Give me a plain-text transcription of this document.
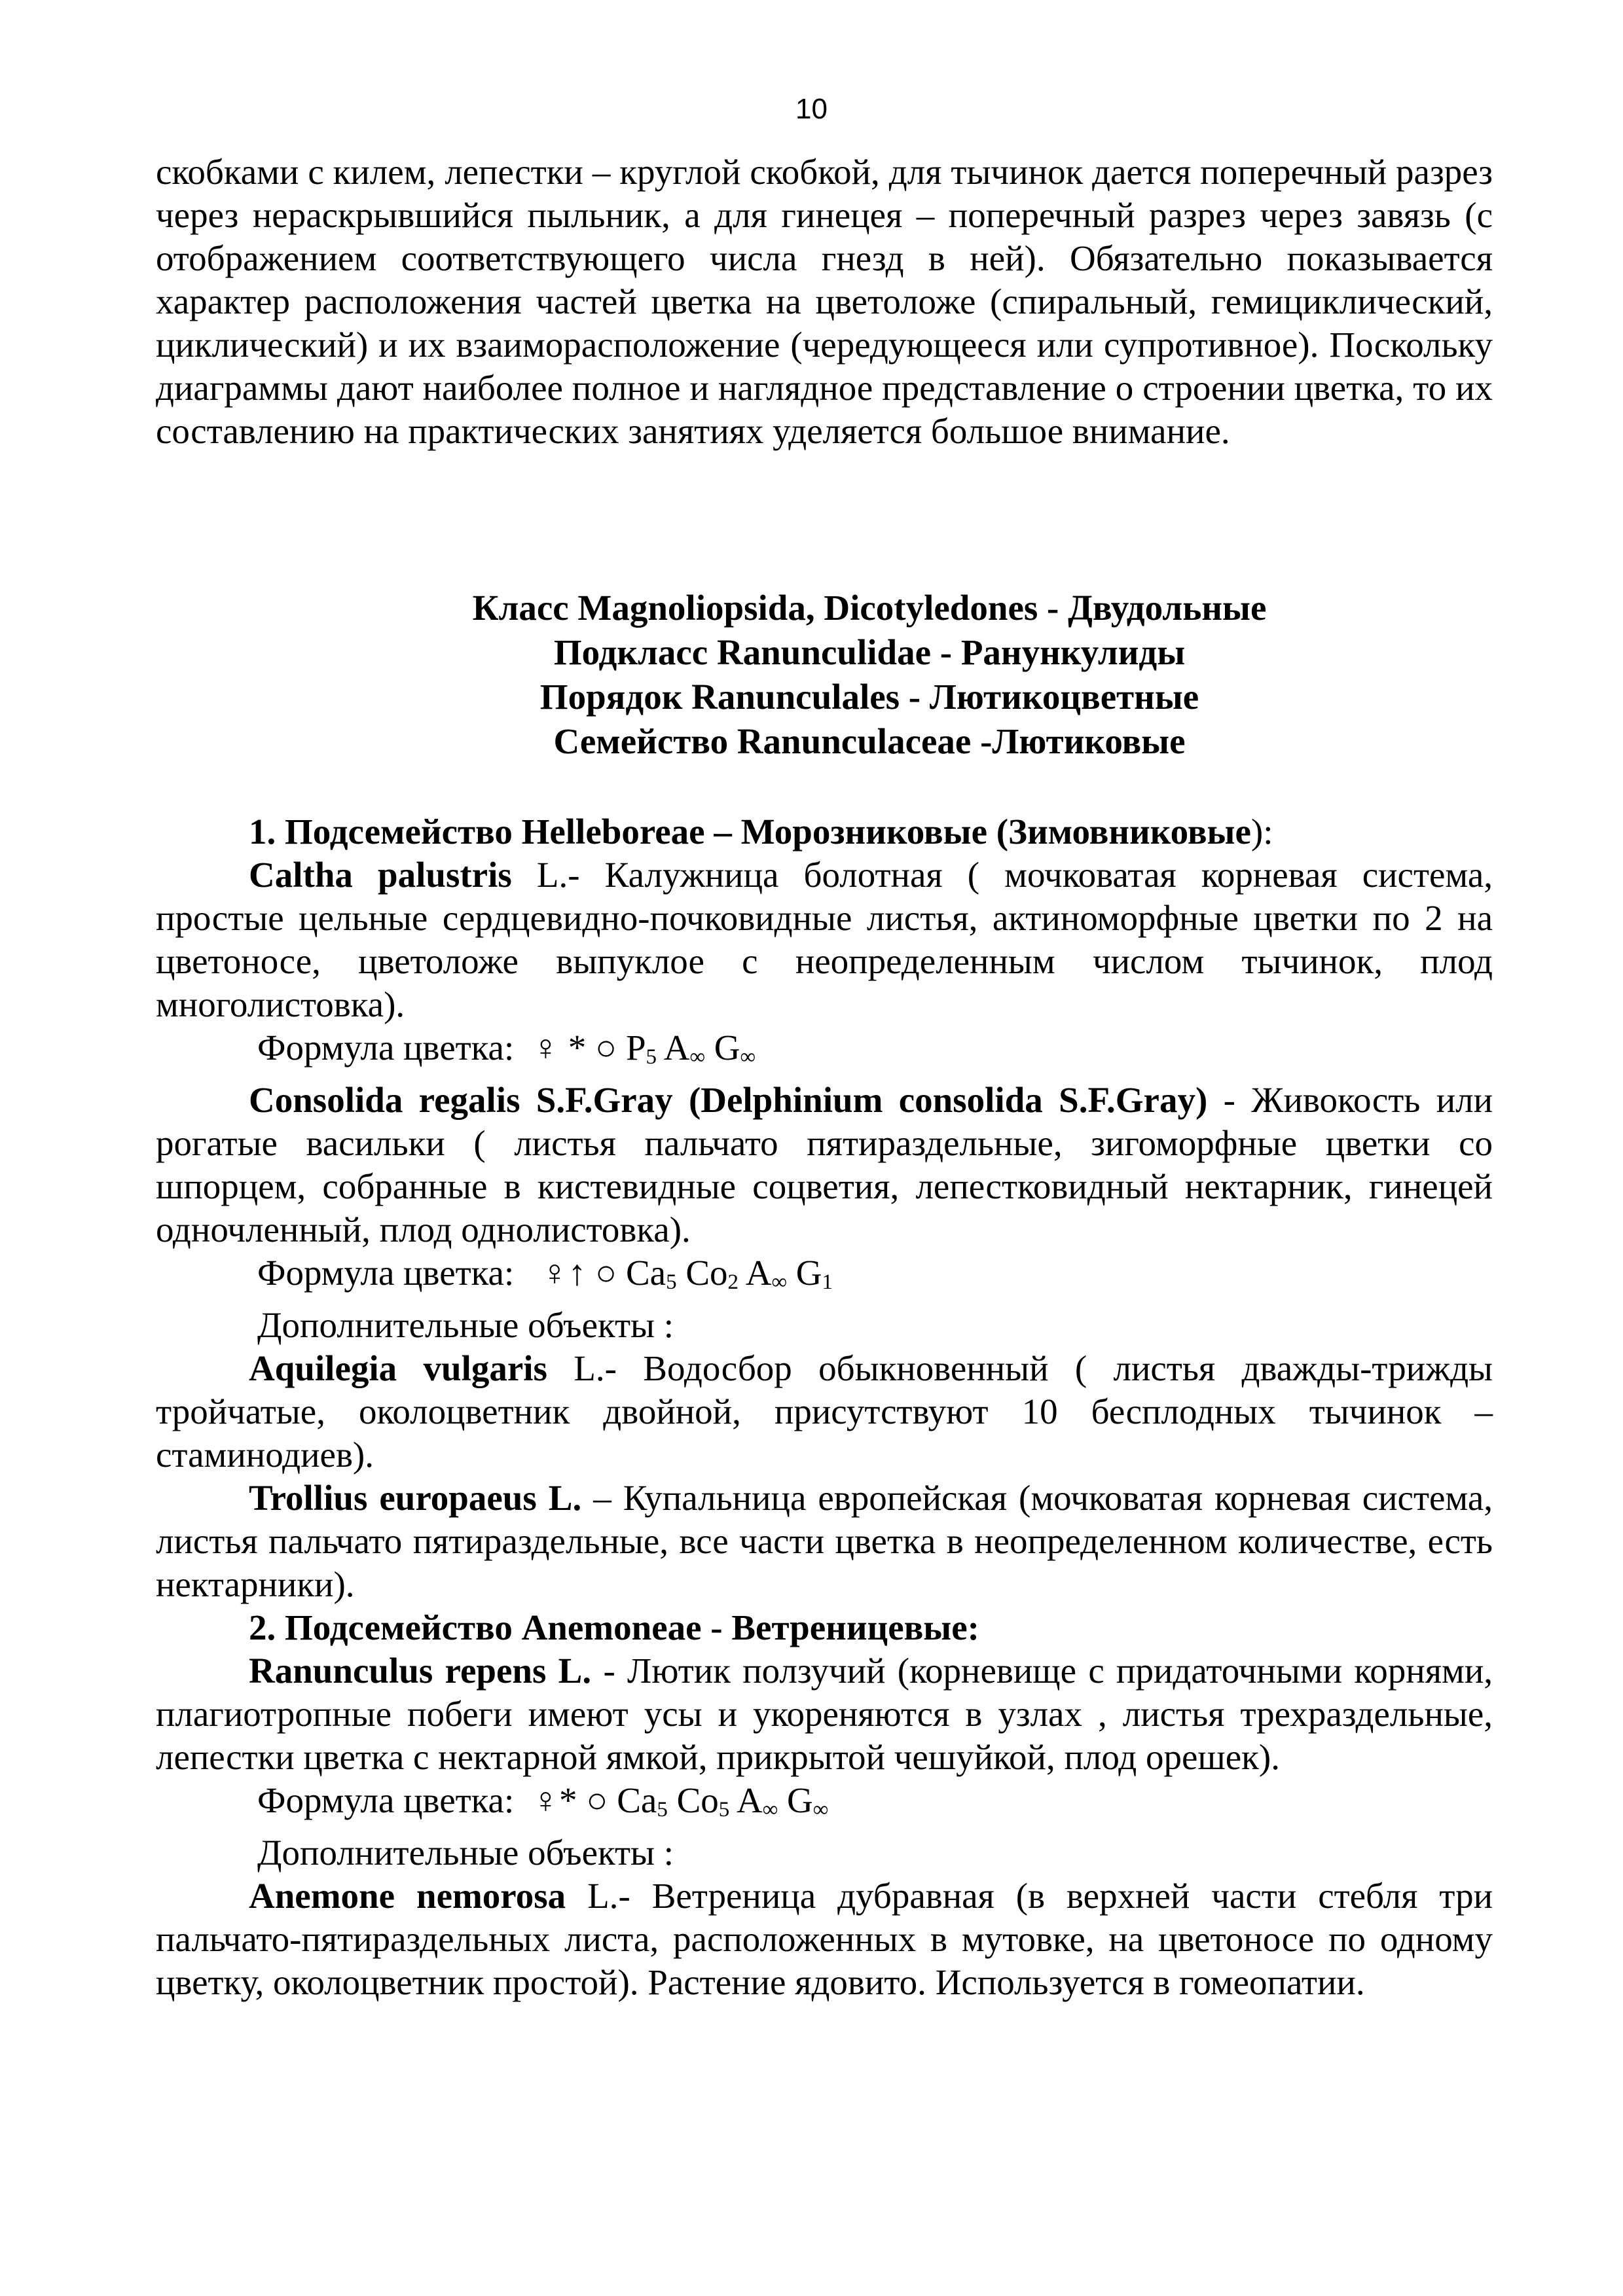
10

скобками с килем, лепестки – круглой скобкой, для тычинок дается поперечный разрез через нераскрывшийся пыльник, а для гинецея – поперечный разрез через завязь (с отображением соответствующего числа гнезд в ней). Обязательно показывается характер расположения частей цветка на цветоложе (спиральный, гемициклический, циклический) и их взаиморасположение (чередующееся или супротивное). Поскольку диаграммы дают наиболее полное и наглядное представление о строении цветка, то их составлению на практических занятиях уделяется большое внимание.

Класс Magnoliopsida, Dicotyledones - Двудольные
Подкласс Ranunculidae - Ранункулиды
Порядок Ranunculales - Лютикоцветные
Семейство Ranunculaceae -Лютиковые

1. Подсемейство Helleboreae – Морозниковые (Зимовниковые):

Caltha palustris L.- Калужница болотная ( мочковатая корневая система, простые цельные сердцевидно-почковидные листья, актиноморфные цветки по 2 на цветоносе, цветоложе выпуклое с неопределенным числом тычинок, плод многолистовка).

Формула цветка: ♀ * ○ P5 A∞ G∞

Consolida regalis S.F.Gray (Delphinium consolida S.F.Gray) - Живокость или рогатые васильки ( листья пальчато пятираздельные, зигоморфные цветки со шпорцем, собранные в кистевидные соцветия, лепестковидный нектарник, гинецей одночленный, плод однолистовка).

Формула цветка: ♀↑ ○ Ca5 Co2 A∞ G1

Дополнительные объекты :

Aquilegia vulgaris L.- Водосбор обыкновенный ( листья дважды-трижды тройчатые, околоцветник двойной, присутствуют 10 бесплодных тычинок – стаминодиев).

Trollius europaeus L. – Купальница европейская (мочковатая корневая система, листья пальчато пятираздельные, все части цветка в неопределенном количестве, есть нектарники).

2. Подсемейство Anemoneae - Ветреницевые:

Ranunculus repens L. - Лютик ползучий (корневище с придаточными корнями, плагиотропные побеги имеют усы и укореняются в узлах , листья трехраздельные, лепестки цветка с нектарной ямкой, прикрытой чешуйкой, плод орешек).

Формула цветка: ♀* ○ Ca5 Co5 A∞ G∞

Дополнительные объекты :

Anemone nemorosa L.- Ветреница дубравная (в верхней части стебля три пальчато-пятираздельных листа, расположенных в мутовке, на цветоносе по одному цветку, околоцветник простой). Растение ядовито. Используется в гомеопатии.
